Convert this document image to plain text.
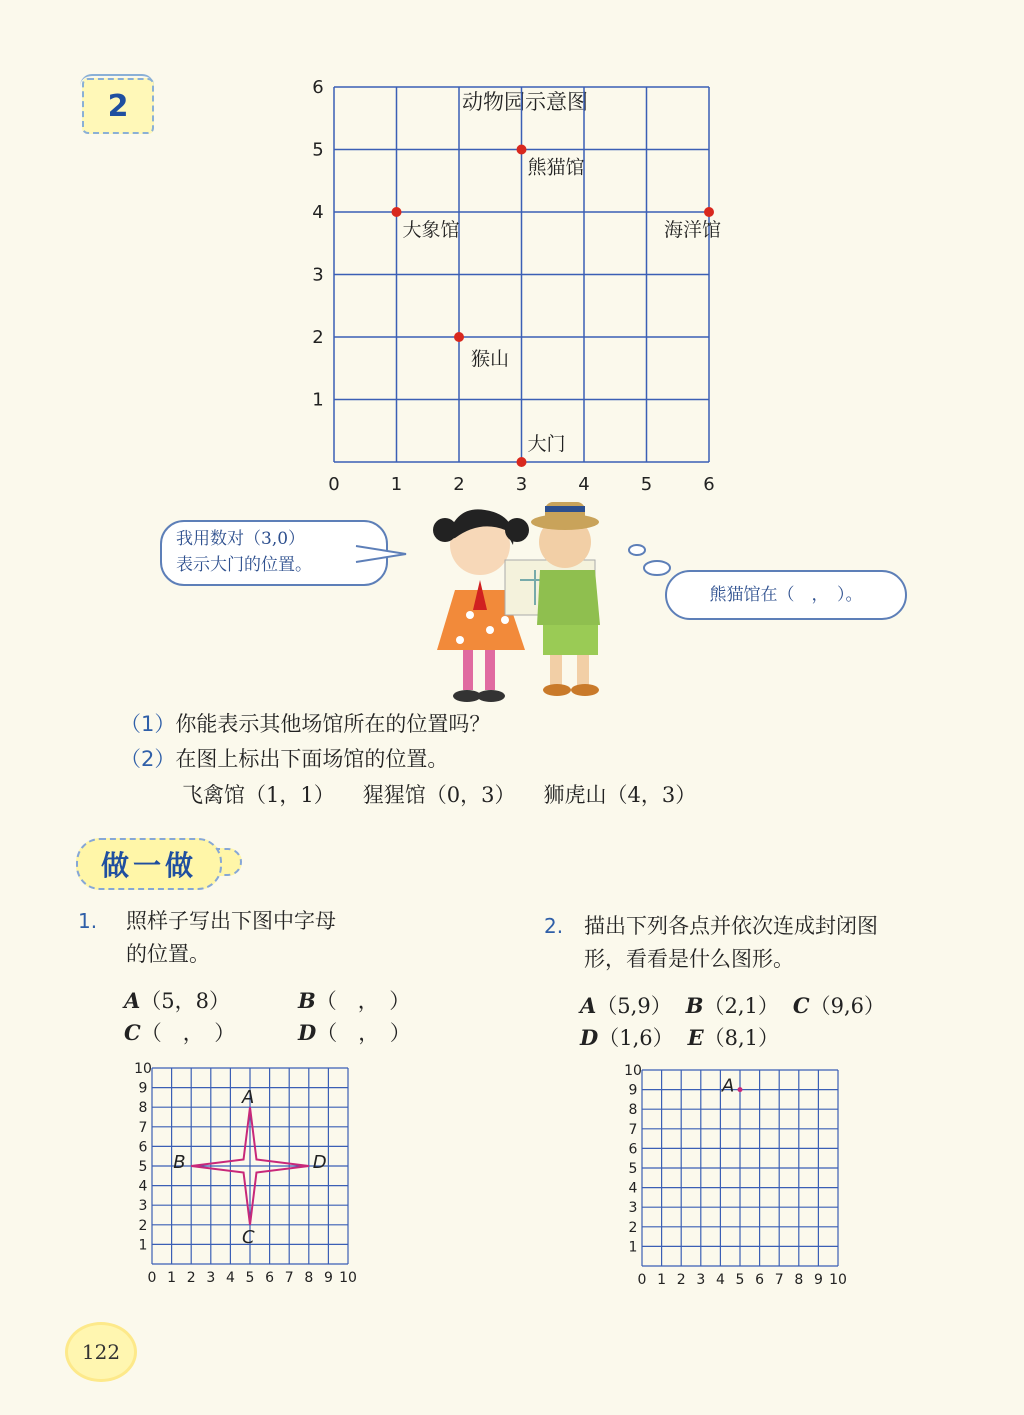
2	动物园示意图
0	1	2	3	4	5	6
1
2
3
4
5
6
熊猫馆
大象馆	海洋馆
猴山
大门
我用数对（3,0）
表示大门的位置。
熊猫馆在（　，　）。
（1）你能表示其他场馆所在的位置吗？
（2）在图上标出下面场馆的位置。
飞禽馆（1，1） 猩猩馆（0，3） 狮虎山（4，3）
做一做
1.	照样子写出下图中字母
的位置。
A（5，8）	B（　，　）
C（　，　）	D（　，　）
0 1 2 3 4 5 6 7 8 9 10
1
2
3
4
5
6
7
8
9
10
A
D
C
B
2. 描出下列各点并依次连成封闭图
形，看看是什么图形。
A（5,9） B（2,1） C（9,6）
D（1,6） E（8,1）
0 1 2 3 4 5 6 7 8 9 10
1
2
3
4
5
6
7
8
9
10
A
122
